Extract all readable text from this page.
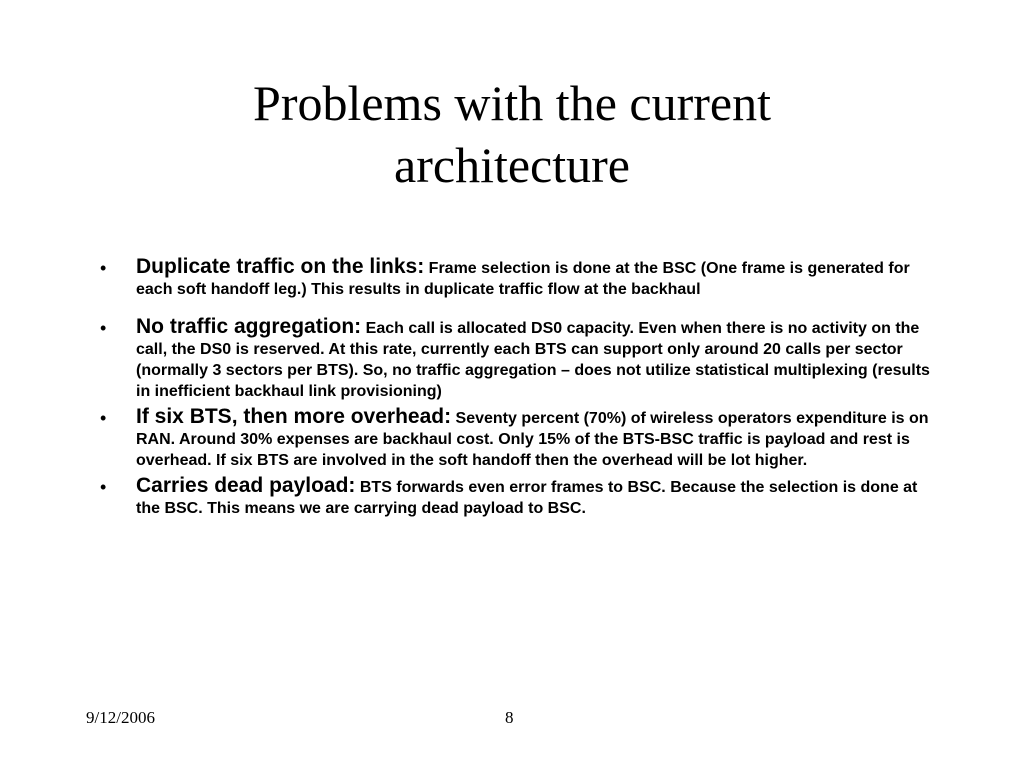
Problems with the current
architecture
• Duplicate traffic on the links: Frame selection is done at the BSC (One frame is generated for each soft handoff leg.) This results in duplicate traffic flow at the backhaul
• No traffic aggregation: Each call is allocated DS0 capacity. Even when there is no activity on the call, the DS0 is reserved. At this rate, currently each BTS can support only around 20 calls per sector (normally 3 sectors per BTS). So, no traffic aggregation – does not utilize statistical multiplexing (results in inefficient backhaul link provisioning)
• If six BTS, then more overhead: Seventy percent (70%) of wireless operators expenditure is on RAN. Around 30% expenses are backhaul cost. Only 15% of the BTS-BSC traffic is payload and rest is overhead. If six BTS are involved in the soft handoff then the overhead will be lot higher.
• Carries dead payload: BTS forwards even error frames to BSC. Because the selection is done at the BSC. This means we are carrying dead payload to BSC.
9/12/2006	8
